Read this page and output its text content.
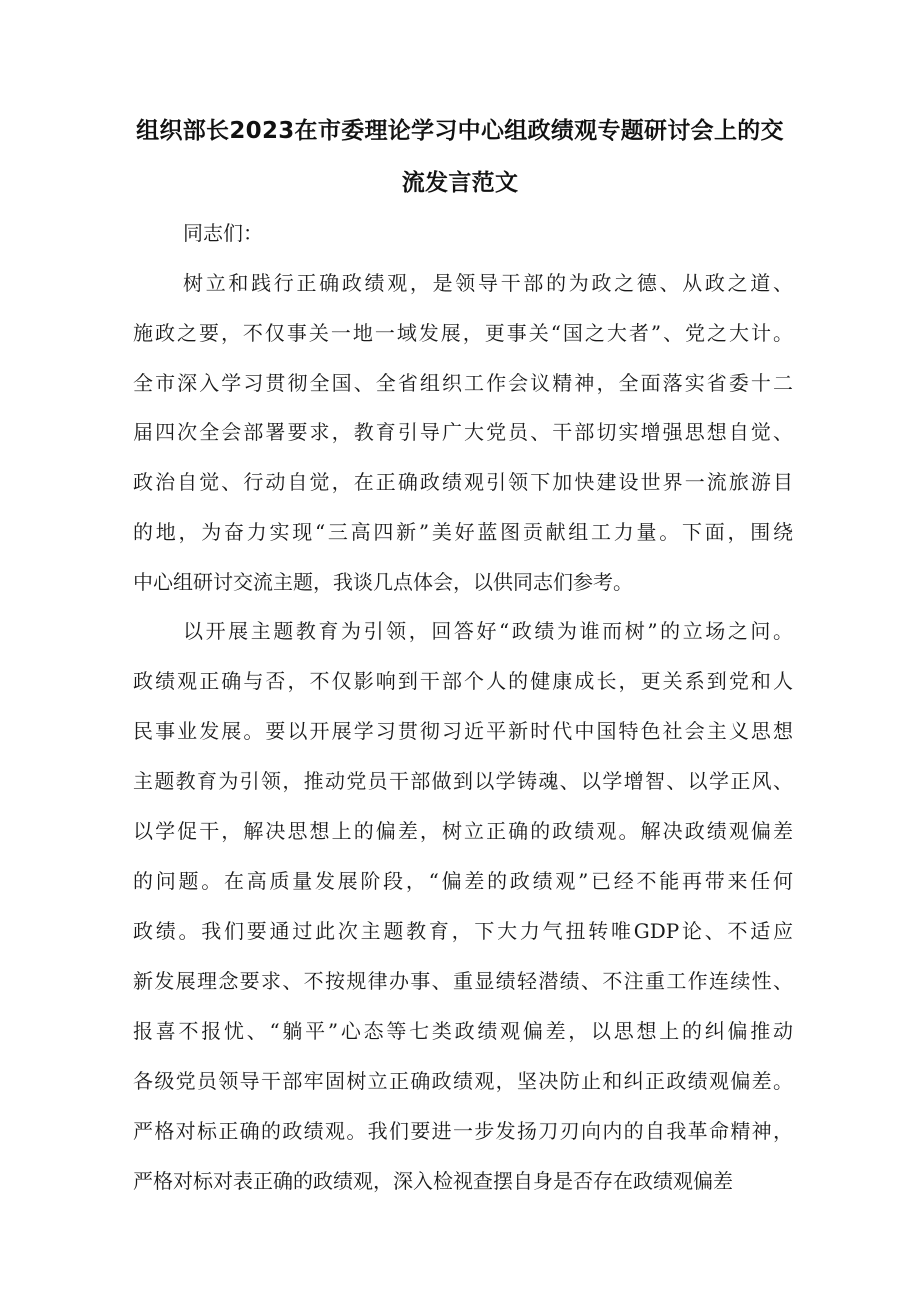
组织部长2023在市委理论学习中心组政绩观专题研讨会上的交
流发言范文
同志们：
树立和践行正确政绩观，是领导干部的为政之德、从政之道、
施政之要，不仅事关一地一域发展，更事关“国之大者”、党之大计。
全市深入学习贯彻全国、全省组织工作会议精神，全面落实省委十二
届四次全会部署要求，教育引导广大党员、干部切实增强思想自觉、
政治自觉、行动自觉，在正确政绩观引领下加快建设世界一流旅游目
的地，为奋力实现“三高四新”美好蓝图贡献组工力量。下面，围绕
中心组研讨交流主题，我谈几点体会，以供同志们参考。
以开展主题教育为引领，回答好“政绩为谁而树”的立场之问。
政绩观正确与否，不仅影响到干部个人的健康成长，更关系到党和人
民事业发展。要以开展学习贯彻习近平新时代中国特色社会主义思想
主题教育为引领，推动党员干部做到以学铸魂、以学增智、以学正风、
以学促干，解决思想上的偏差，树立正确的政绩观。解决政绩观偏差
的问题。在高质量发展阶段，“偏差的政绩观”已经不能再带来任何
政绩。我们要通过此次主题教育，下大力气扭转唯GDP论、不适应
新发展理念要求、不按规律办事、重显绩轻潜绩、不注重工作连续性、
报喜不报忧、“躺平”心态等七类政绩观偏差，以思想上的纠偏推动
各级党员领导干部牢固树立正确政绩观，坚决防止和纠正政绩观偏差。
严格对标正确的政绩观。我们要进一步发扬刀刃向内的自我革命精神，
严格对标对表正确的政绩观，深入检视查摆自身是否存在政绩观偏差
